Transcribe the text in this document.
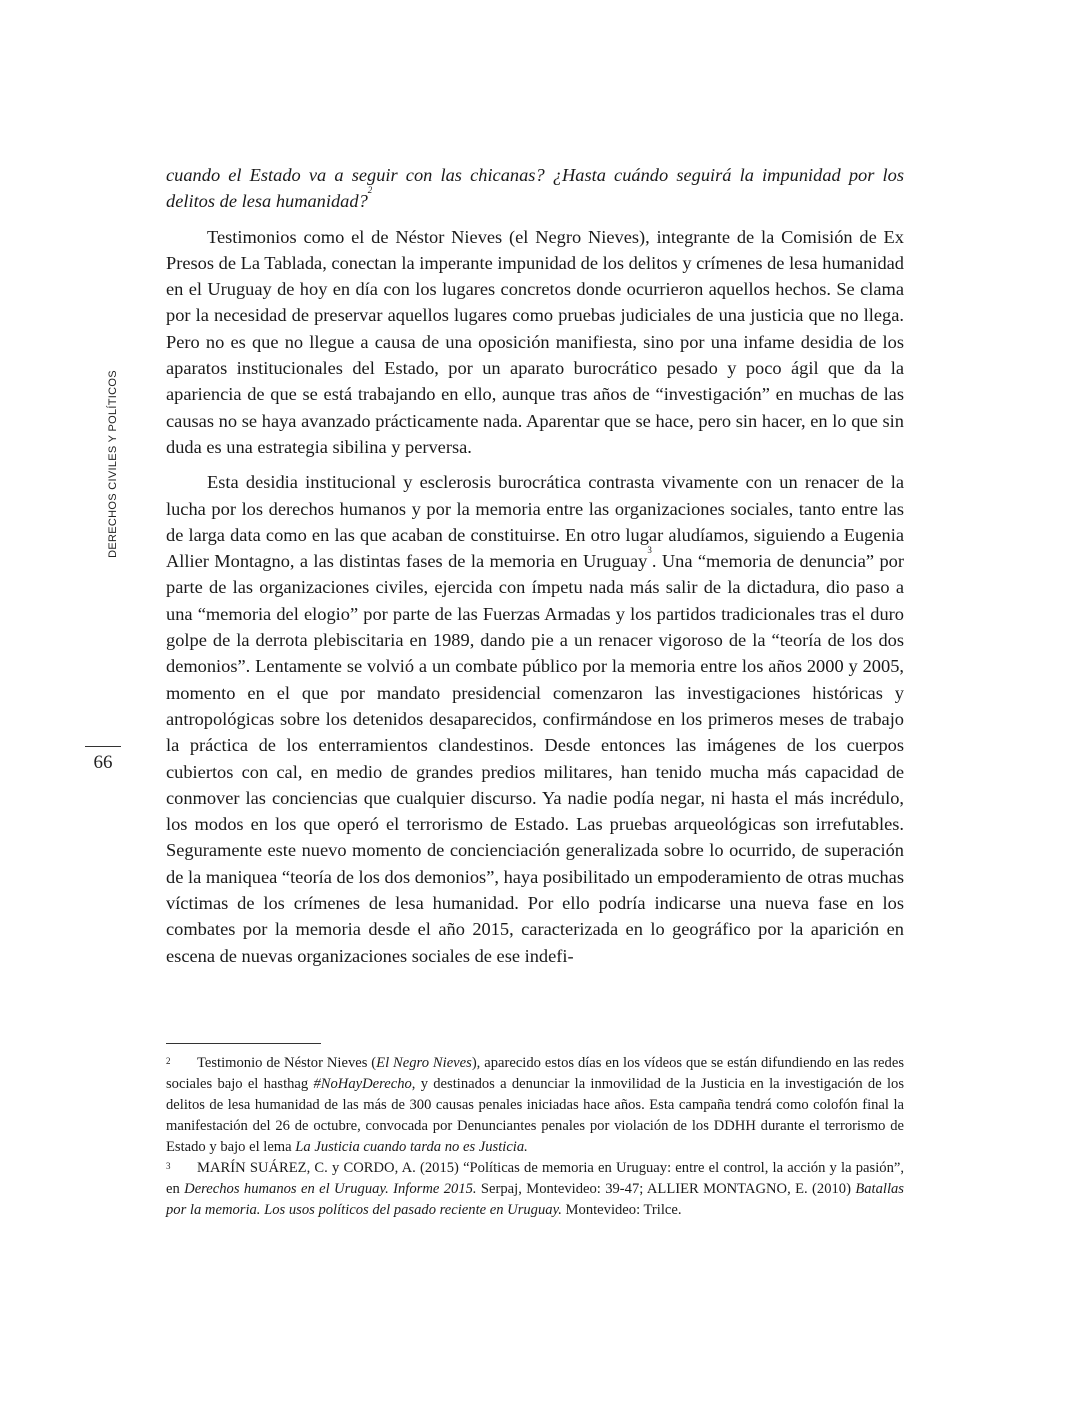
DERECHOS CIVILES Y POLÍTICOS
66

cuando el Estado va a seguir con las chicanas? ¿Hasta cuándo seguirá la impunidad por los delitos de lesa humanidad?$^2$

Testimonios como el de Néstor Nieves (el Negro Nieves), integrante de la Comisión de Ex Presos de La Tablada, conectan la imperante impunidad de los delitos y crímenes de lesa humanidad en el Uruguay de hoy en día con los lugares concretos donde ocurrieron aquellos hechos. Se clama por la necesidad de preservar aquellos lugares como pruebas judiciales de una justicia que no llega. Pero no es que no llegue a causa de una oposición manifiesta, sino por una infame desidia de los aparatos institucionales del Estado, por un aparato burocrático pesado y poco ágil que da la apariencia de que se está trabajando en ello, aunque tras años de “investigación” en muchas de las causas no se haya avanzado prácticamente nada. Aparentar que se hace, pero sin hacer, en lo que sin duda es una estrategia sibilina y perversa.

Esta desidia institucional y esclerosis burocrática contrasta vivamente con un renacer de la lucha por los derechos humanos y por la memoria entre las organizaciones sociales, tanto entre las de larga data como en las que acaban de constituirse. En otro lugar aludíamos, siguiendo a Eugenia Allier Montagno, a las distintas fases de la memoria en Uruguay$^3$. Una “memoria de denuncia” por parte de las organizaciones civiles, ejercida con ímpetu nada más salir de la dictadura, dio paso a una “memoria del elogio” por parte de las Fuerzas Armadas y los partidos tradicionales tras el duro golpe de la derrota plebiscitaria en 1989, dando pie a un renacer vigoroso de la “teoría de los dos demonios”. Lentamente se volvió a un combate público por la memoria entre los años 2000 y 2005, momento en el que por mandato presidencial comenzaron las investigaciones históricas y antropológicas sobre los detenidos desaparecidos, confirmándose en los primeros meses de trabajo la práctica de los enterramientos clandestinos. Desde entonces las imágenes de los cuerpos cubiertos con cal, en medio de grandes predios militares, han tenido mucha más capacidad de conmover las conciencias que cualquier discurso. Ya nadie podía negar, ni hasta el más incrédulo, los modos en los que operó el terrorismo de Estado. Las pruebas arqueológicas son irrefutables. Seguramente este nuevo momento de concienciación generalizada sobre lo ocurrido, de superación de la maniquea “teoría de los dos demonios”, haya posibilitado un empoderamiento de otras muchas víctimas de los crímenes de lesa humanidad. Por ello podría indicarse una nueva fase en los combates por la memoria desde el año 2015, caracterizada en lo geográfico por la aparición en escena de nuevas organizaciones sociales de ese indefi-

2 Testimonio de Néstor Nieves (El Negro Nieves), aparecido estos días en los vídeos que se están difundiendo en las redes sociales bajo el hasthag #NoHayDerecho, y destinados a denunciar la inmovilidad de la Justicia en la investigación de los delitos de lesa humanidad de las más de 300 causas penales iniciadas hace años. Esta campaña tendrá como colofón final la manifestación del 26 de octubre, convocada por Denunciantes penales por violación de los DDHH durante el terrorismo de Estado y bajo el lema La Justicia cuando tarda no es Justicia.

3 MARÍN SUÁREZ, C. y CORDO, A. (2015) “Políticas de memoria en Uruguay: entre el control, la acción y la pasión”, en Derechos humanos en el Uruguay. Informe 2015. Serpaj, Montevideo: 39-47; ALLIER MONTAGNO, E. (2010) Batallas por la memoria. Los usos políticos del pasado reciente en Uruguay. Montevideo: Trilce.
